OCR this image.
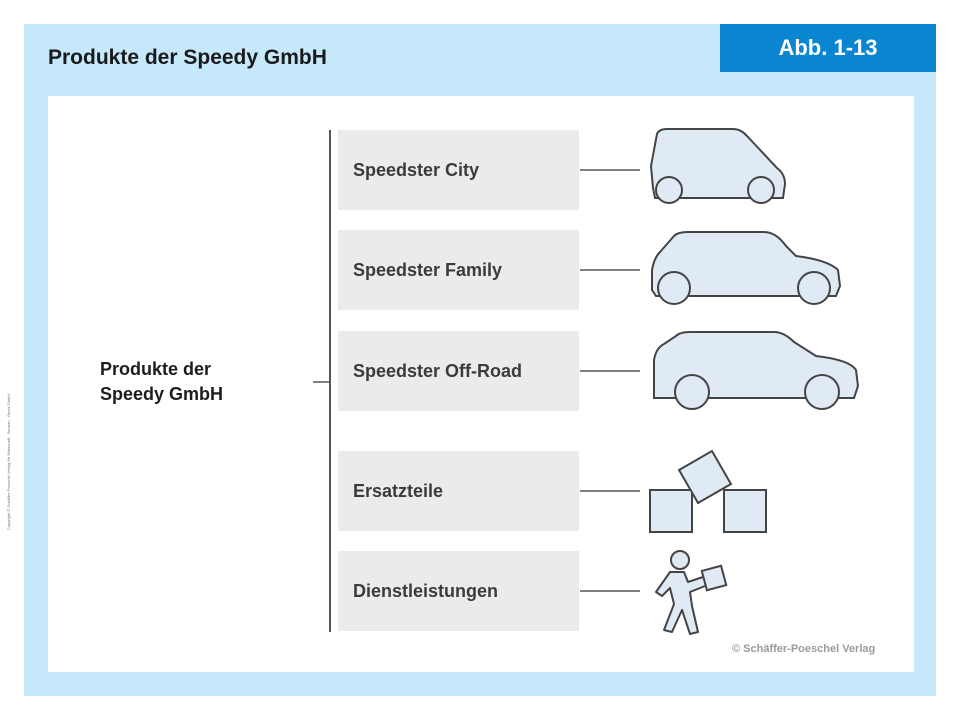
Produkte der Speedy GmbH	Abb. 1-13
Copyright © Schäffer-Poeschel Verlag für Wirtschaft · Steuern · Recht GmbH
Produkte der
Speedy GmbH
Speedster City
Speedster Family
Speedster Off-Road
Ersatzteile
Dienstleistungen
© Schäffer-Poeschel Verlag
